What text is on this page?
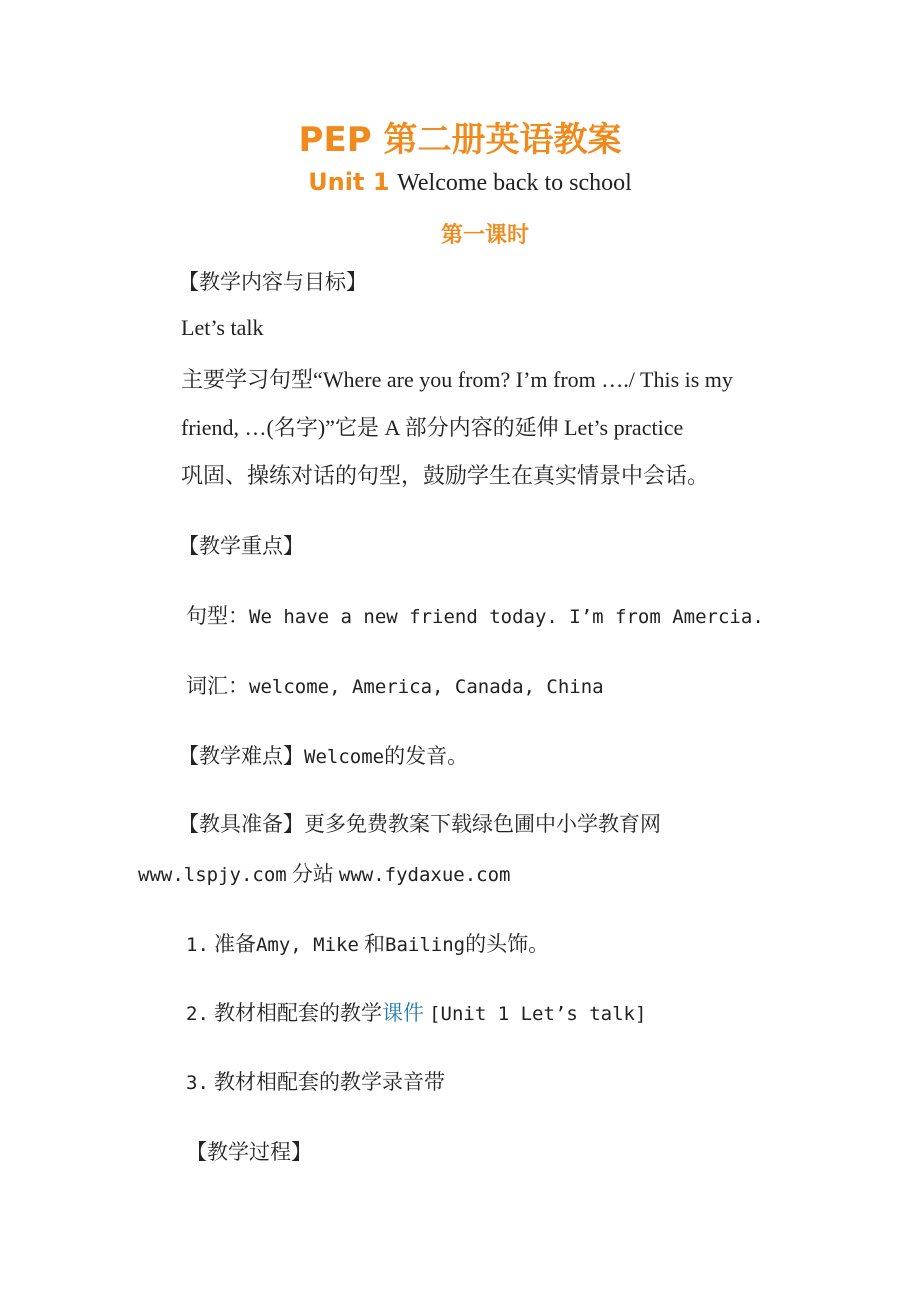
PEP 第二册英语教案
Unit 1 Welcome back to school
第一课时
【教学内容与目标】
Let’s talk
主要学习句型“Where are you from? I’m from …./ This is my
friend, …(名字)”它是 A 部分内容的延伸 Let’s practice
巩固、操练对话的句型，鼓励学生在真实情景中会话。
【教学重点】
句型：We have a new friend today. I’m from Amercia.
词汇：welcome, America, Canada, China
【教学难点】Welcome的发音。
【教具准备】更多免费教案下载绿色圃中小学教育网
www.lspjy.com 分站 www.fydaxue.com
1. 准备Amy, Mike 和Bailing的头饰。
2. 教材相配套的教学课件 [Unit 1 Let’s talk]
3. 教材相配套的教学录音带
【教学过程】
